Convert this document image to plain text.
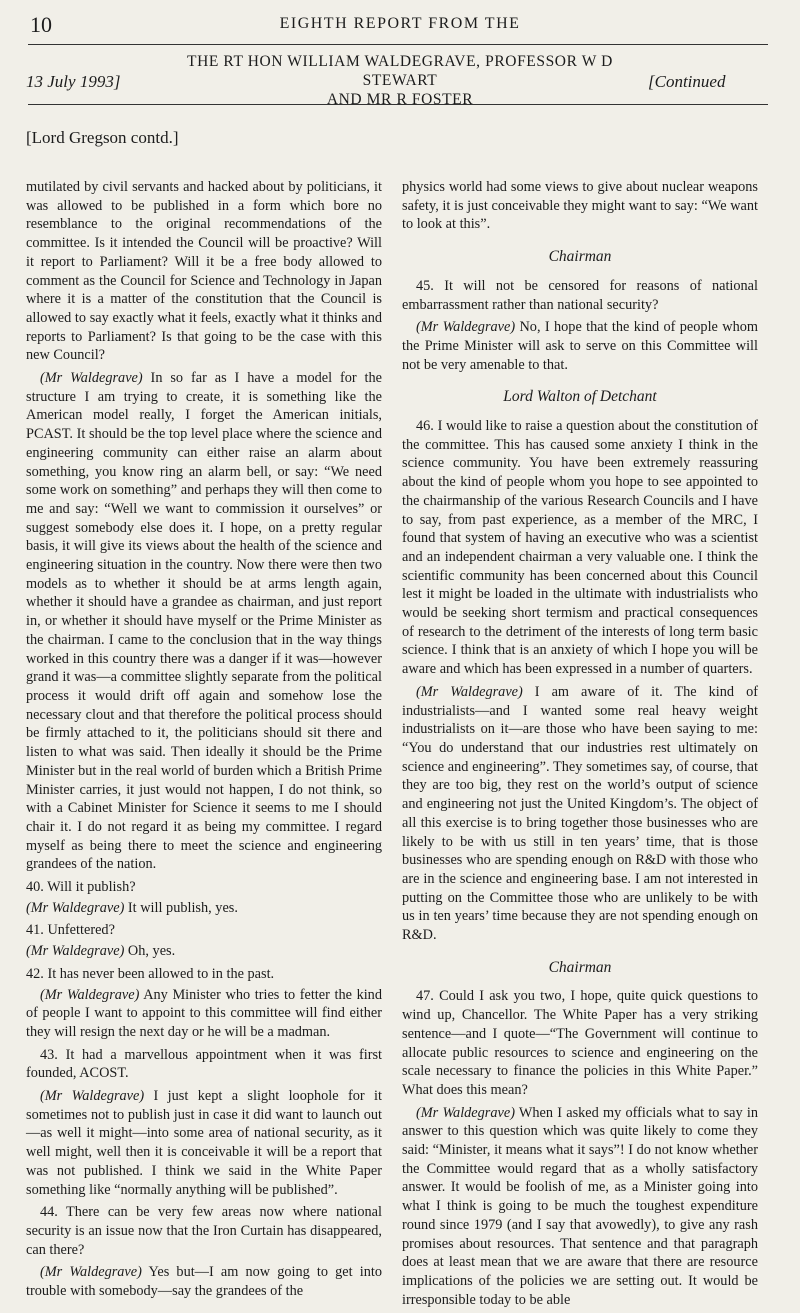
10	EIGHTH REPORT FROM THE
13 July 1993]
THE RT HON WILLIAM WALDEGRAVE, PROFESSOR W D STEWART
AND MR R FOSTER
[Continued
[Lord Gregson contd.]

mutilated by civil servants and hacked about by politicians, it was allowed to be published in a form which bore no resemblance to the original recommendations of the committee. Is it intended the Council will be proactive? Will it report to Parliament? Will it be a free body allowed to comment as the Council for Science and Technology in Japan where it is a matter of the constitution that the Council is allowed to say exactly what it feels, exactly what it thinks and reports to Parliament? Is that going to be the case with this new Council?

(Mr Waldegrave) In so far as I have a model for the structure I am trying to create, it is something like the American model really, I forget the American initials, PCAST. It should be the top level place where the science and engineering community can either raise an alarm about something, you know ring an alarm bell, or say: “We need some work on something” and perhaps they will then come to me and say: “Well we want to commission it ourselves” or suggest somebody else does it. I hope, on a pretty regular basis, it will give its views about the health of the science and engineering situation in the country. Now there were then two models as to whether it should be at arms length again, whether it should have a grandee as chairman, and just report in, or whether it should have myself or the Prime Minister as the chairman. I came to the conclusion that in the way things worked in this country there was a danger if it was—however grand it was—a committee slightly separate from the political process it would drift off again and somehow lose the necessary clout and that therefore the political process should be firmly attached to it, the politicians should sit there and listen to what was said. Then ideally it should be the Prime Minister but in the real world of burden which a British Prime Minister carries, it just would not happen, I do not think, so with a Cabinet Minister for Science it seems to me I should chair it. I do not regard it as being my committee. I regard myself as being there to meet the science and engineering grandees of the nation.

40. Will it publish?

(Mr Waldegrave) It will publish, yes.

41. Unfettered?

(Mr Waldegrave) Oh, yes.

42. It has never been allowed to in the past.

(Mr Waldegrave) Any Minister who tries to fetter the kind of people I want to appoint to this committee will find either they will resign the next day or he will be a madman.

43. It had a marvellous appointment when it was first founded, ACOST.

(Mr Waldegrave) I just kept a slight loophole for it sometimes not to publish just in case it did want to launch out—as well it might—into some area of national security, as it well might, well then it is conceivable it will be a report that was not published. I think we said in the White Paper something like “normally anything will be published”.

44. There can be very few areas now where national security is an issue now that the Iron Curtain has disappeared, can there?

(Mr Waldegrave) Yes but—I am now going to get into trouble with somebody—say the grandees of the

physics world had some views to give about nuclear weapons safety, it is just conceivable they might want to say: “We want to look at this”.

Chairman

45. It will not be censored for reasons of national embarrassment rather than national security?

(Mr Waldegrave) No, I hope that the kind of people whom the Prime Minister will ask to serve on this Committee will not be very amenable to that.

Lord Walton of Detchant

46. I would like to raise a question about the constitution of the committee. This has caused some anxiety I think in the science community. You have been extremely reassuring about the kind of people whom you hope to see appointed to the chairmanship of the various Research Councils and I have to say, from past experience, as a member of the MRC, I found that system of having an executive who was a scientist and an independent chairman a very valuable one. I think the scientific community has been concerned about this Council lest it might be loaded in the ultimate with industrialists who would be seeking short termism and practical consequences of research to the detriment of the interests of long term basic science. I think that is an anxiety of which I hope you will be aware and which has been expressed in a number of quarters.

(Mr Waldegrave) I am aware of it. The kind of industrialists—and I wanted some real heavy weight industrialists on it—are those who have been saying to me: “You do understand that our industries rest ultimately on science and engineering”. They sometimes say, of course, that they are too big, they rest on the world’s output of science and engineering not just the United Kingdom’s. The object of all this exercise is to bring together those businesses who are likely to be with us still in ten years’ time, that is those businesses who are spending enough on R&D with those who are in the science and engineering base. I am not interested in putting on the Committee those who are unlikely to be with us in ten years’ time because they are not spending enough on R&D.

Chairman

47. Could I ask you two, I hope, quite quick questions to wind up, Chancellor. The White Paper has a very striking sentence—and I quote—“The Government will continue to allocate public resources to science and engineering on the scale necessary to finance the policies in this White Paper.” What does this mean?

(Mr Waldegrave) When I asked my officials what to say in answer to this question which was quite likely to come they said: “Minister, it means what it says”! I do not know whether the Committee would regard that as a wholly satisfactory answer. It would be foolish of me, as a Minister going into what I think is going to be much the toughest expenditure round since 1979 (and I say that avowedly), to give any rash promises about resources. That sentence and that paragraph does at least mean that we are aware that there are resource implications of the policies we are setting out. It would be irresponsible today to be able
